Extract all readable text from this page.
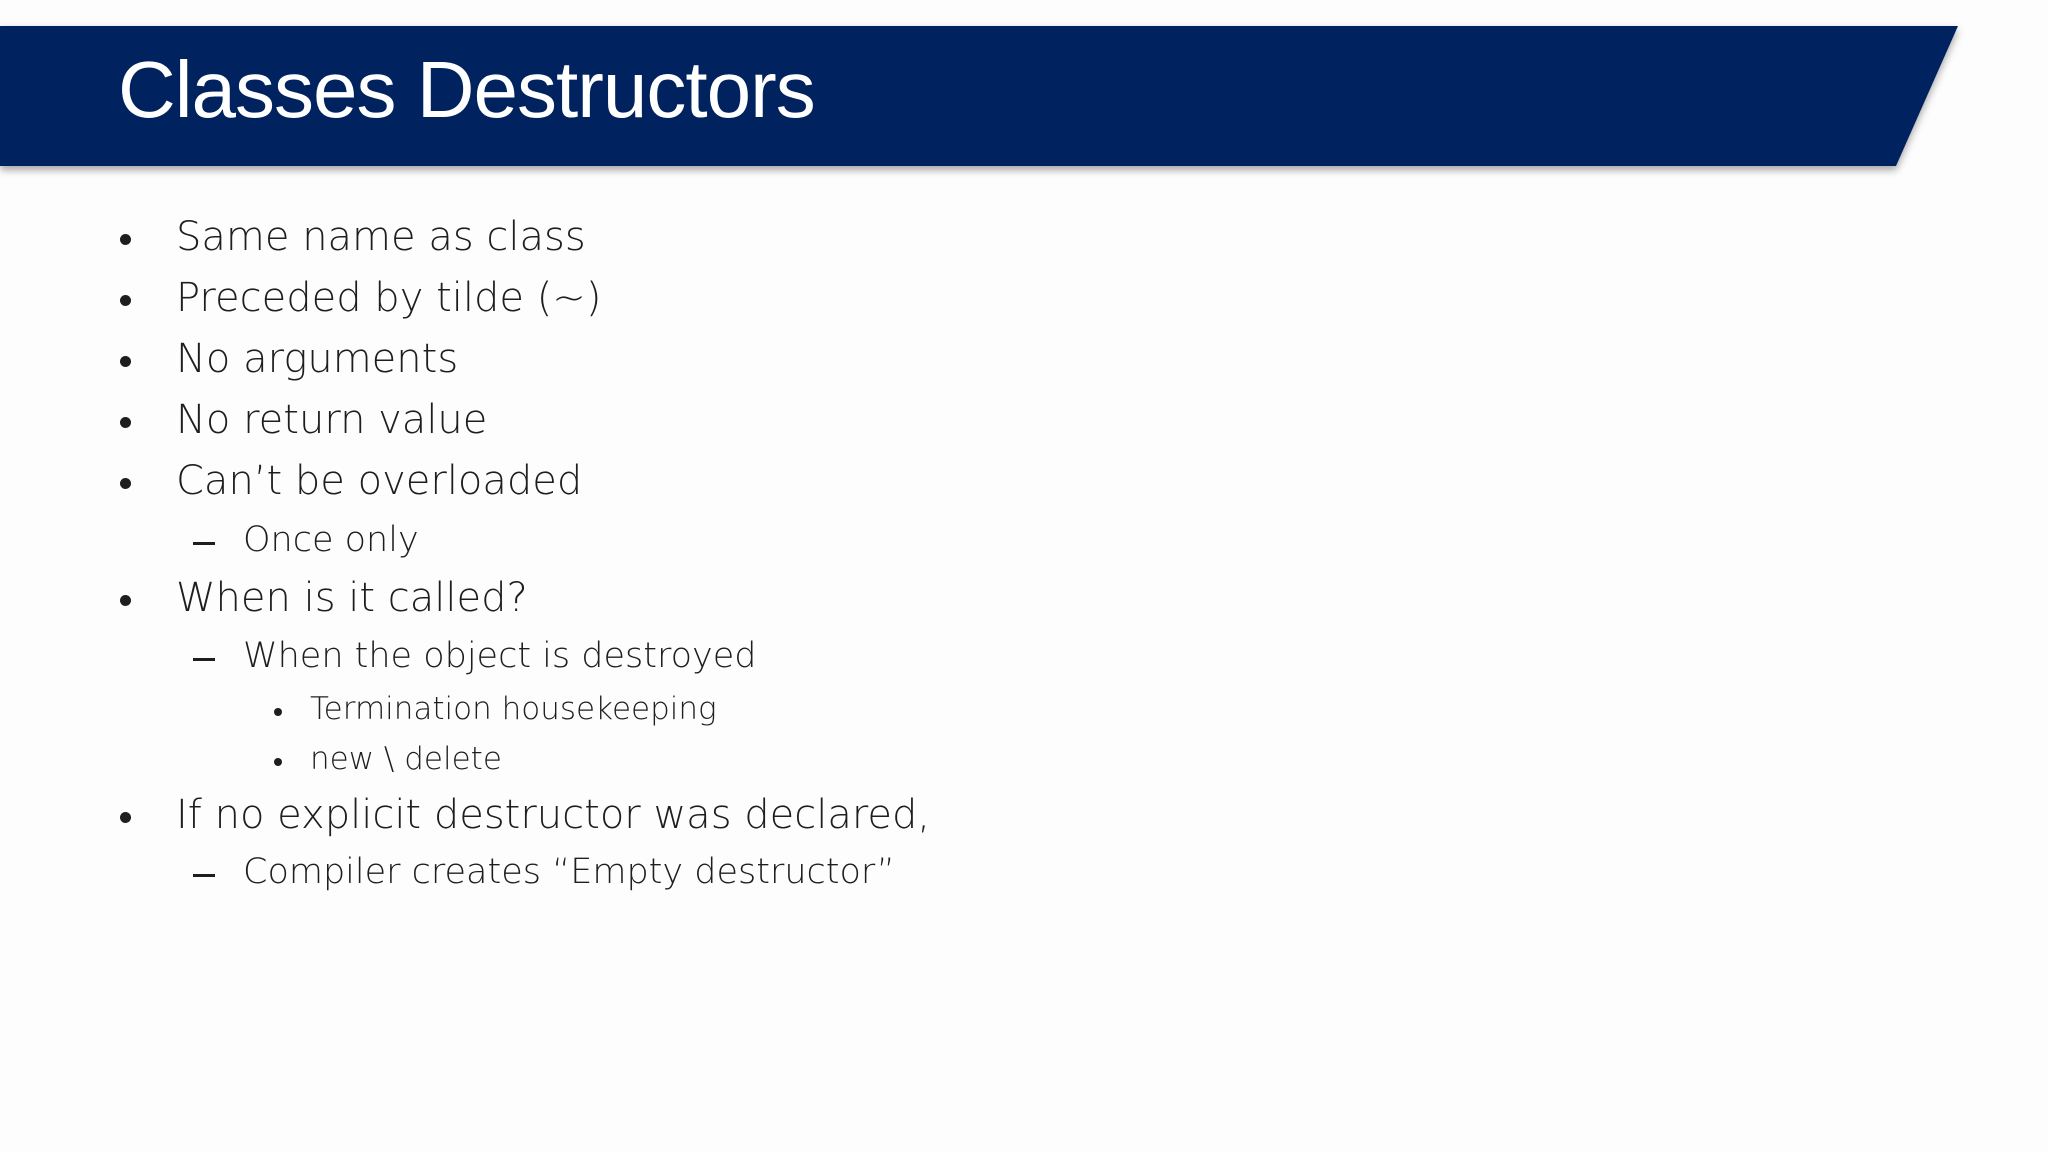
Classes Destructors
Same name as class
Preceded by tilde (~)
No arguments
No return value
Can’t be overloaded
Once only
When is it called?
When the object is destroyed
Termination housekeeping
new \ delete
If no explicit destructor was declared,
Compiler creates “Empty destructor”
